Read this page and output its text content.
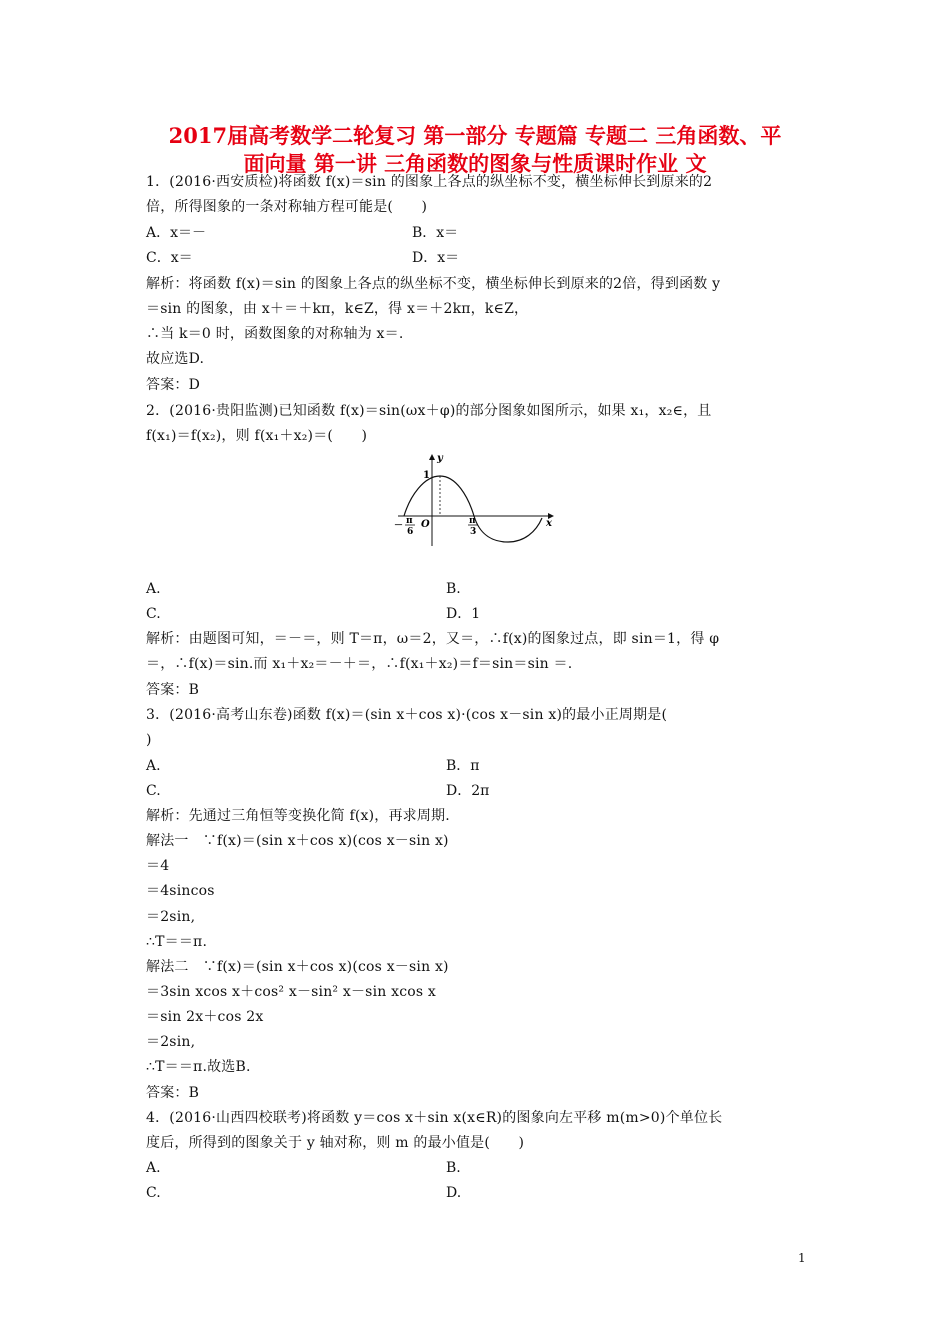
2017届高考数学二轮复习 第一部分 专题篇 专题二 三角函数、平
面向量 第一讲 三角函数的图象与性质课时作业 文
1．(2016·西安质检)将函数 f(x)＝sin 的图象上各点的纵坐标不变，横坐标伸长到原来的2
倍，所得图象的一条对称轴方程可能是(　　)
A．x＝－	B．x＝
C．x＝	D．x＝
解析：将函数 f(x)＝sin 的图象上各点的纵坐标不变，横坐标伸长到原来的2倍，得到函数 y
＝sin 的图象，由 x＋＝＋kπ，k∈Z，得 x＝＋2kπ，k∈Z，
∴当 k＝0 时，函数图象的对称轴为 x＝.
故应选D.
答案：D
2．(2016·贵阳监测)已知函数 f(x)＝sin(ωx＋φ)的部分图象如图所示，如果 x₁，x₂∈，且
f(x₁)＝f(x₂)，则 f(x₁＋x₂)＝(　　)
y
1
O	x
－ π
6
π
3
A.	B.
C.	D．1
解析：由题图可知，＝－＝，则 T＝π，ω＝2，又＝，∴f(x)的图象过点，即 sin＝1，得 φ
＝，∴f(x)＝sin.而 x₁＋x₂＝－＋＝，∴f(x₁＋x₂)＝f＝sin＝sin ＝.
答案：B
3．(2016·高考山东卷)函数 f(x)＝(sin x＋cos x)·(cos x－sin x)的最小正周期是(
)
A.	B．π
C.	D．2π
解析：先通过三角恒等变换化简 f(x)，再求周期.
解法一　∵f(x)＝(sin x＋cos x)(cos x－sin x)
＝4
＝4sincos
＝2sin,
∴T＝＝π.
解法二　∵f(x)＝(sin x＋cos x)(cos x－sin x)
＝3sin xcos x＋cos² x－sin² x－sin xcos x
＝sin 2x＋cos 2x
＝2sin,
∴T＝＝π.故选B.
答案：B
4．(2016·山西四校联考)将函数 y＝cos x＋sin x(x∈R)的图象向左平移 m(m>0)个单位长
度后，所得到的图象关于 y 轴对称，则 m 的最小值是(　　)
A.	B.
C.	D.
1
